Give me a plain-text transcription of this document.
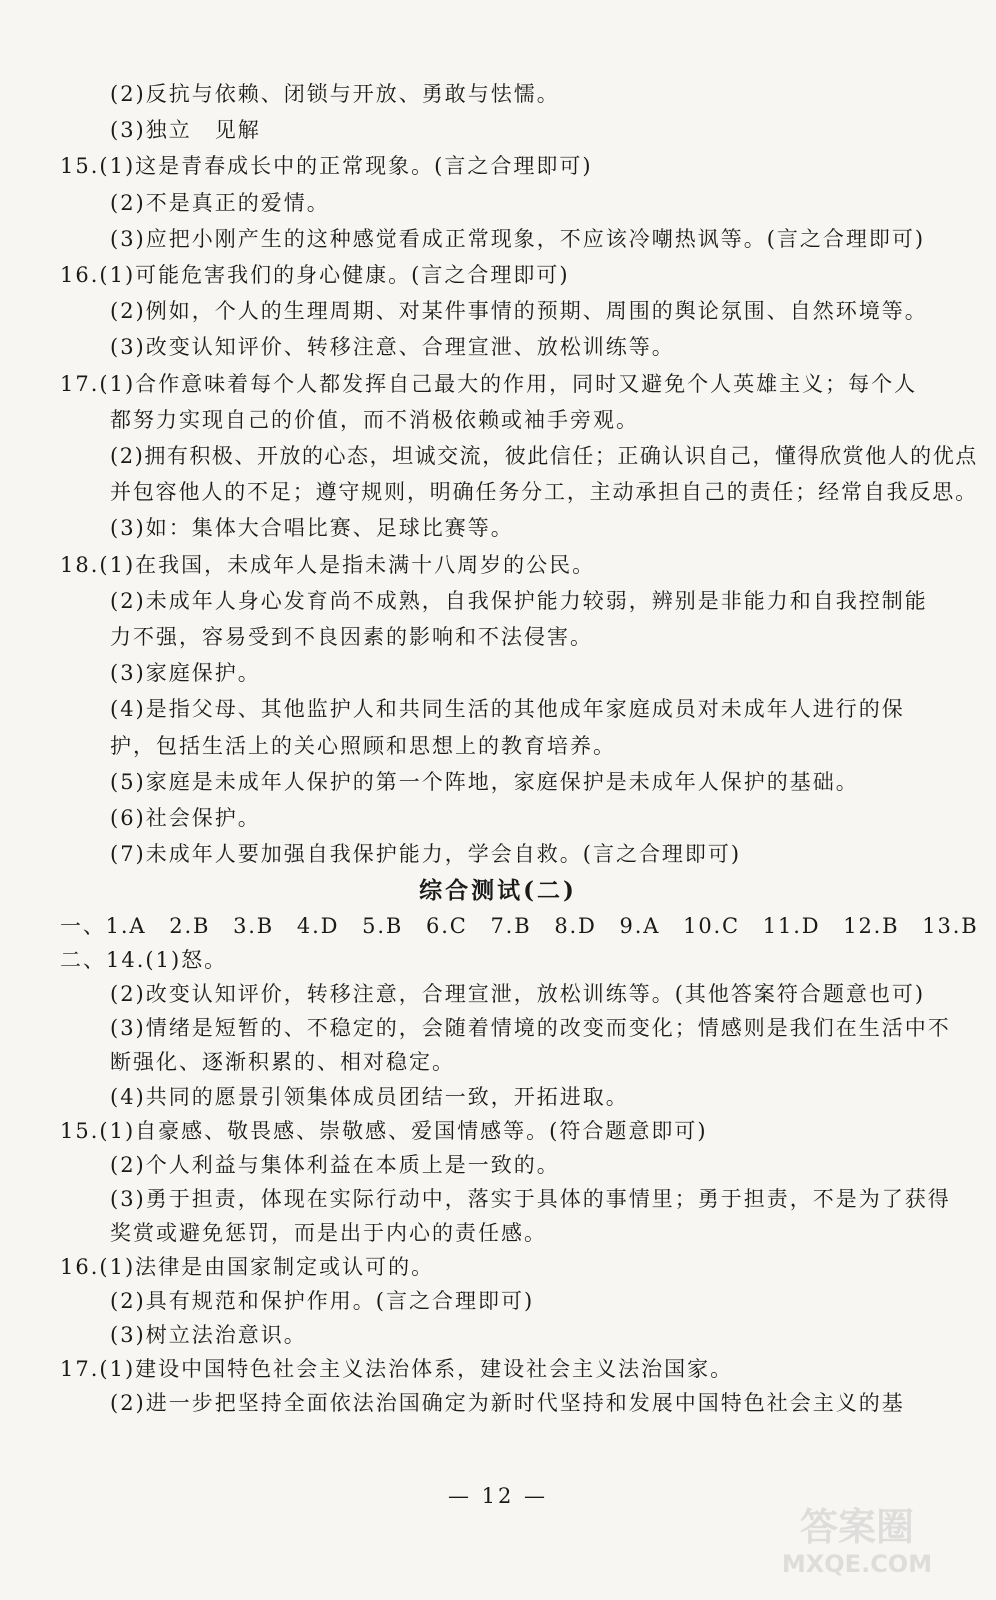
(2)反抗与依赖、闭锁与开放、勇敢与怯懦。
(3)独立　见解
15.(1)这是青春成长中的正常现象。(言之合理即可)
(2)不是真正的爱情。
(3)应把小刚产生的这种感觉看成正常现象，不应该冷嘲热讽等。(言之合理即可)
16.(1)可能危害我们的身心健康。(言之合理即可)
(2)例如，个人的生理周期、对某件事情的预期、周围的舆论氛围、自然环境等。
(3)改变认知评价、转移注意、合理宣泄、放松训练等。
17.(1)合作意味着每个人都发挥自己最大的作用，同时又避免个人英雄主义；每个人
都努力实现自己的价值，而不消极依赖或袖手旁观。
(2)拥有积极、开放的心态，坦诚交流，彼此信任；正确认识自己，懂得欣赏他人的优点
并包容他人的不足；遵守规则，明确任务分工，主动承担自己的责任；经常自我反思。
(3)如：集体大合唱比赛、足球比赛等。
18.(1)在我国，未成年人是指未满十八周岁的公民。
(2)未成年人身心发育尚不成熟，自我保护能力较弱，辨别是非能力和自我控制能
力不强，容易受到不良因素的影响和不法侵害。
(3)家庭保护。
(4)是指父母、其他监护人和共同生活的其他成年家庭成员对未成年人进行的保
护，包括生活上的关心照顾和思想上的教育培养。
(5)家庭是未成年人保护的第一个阵地，家庭保护是未成年人保护的基础。
(6)社会保护。
(7)未成年人要加强自我保护能力，学会自救。(言之合理即可)
综合测试(二)
一、1.A　2.B　3.B　4.D　5.B　6.C　7.B　8.D　9.A　10.C　11.D　12.B　13.B
二、14.(1)怒。
(2)改变认知评价，转移注意，合理宣泄，放松训练等。(其他答案符合题意也可)
(3)情绪是短暂的、不稳定的，会随着情境的改变而变化；情感则是我们在生活中不
断强化、逐渐积累的、相对稳定。
(4)共同的愿景引领集体成员团结一致，开拓进取。
15.(1)自豪感、敬畏感、崇敬感、爱国情感等。(符合题意即可)
(2)个人利益与集体利益在本质上是一致的。
(3)勇于担责，体现在实际行动中，落实于具体的事情里；勇于担责，不是为了获得
奖赏或避免惩罚，而是出于内心的责任感。
16.(1)法律是由国家制定或认可的。
(2)具有规范和保护作用。(言之合理即可)
(3)树立法治意识。
17.(1)建设中国特色社会主义法治体系，建设社会主义法治国家。
(2)进一步把坚持全面依法治国确定为新时代坚持和发展中国特色社会主义的基
— 12 —
答案圈
MXQE.COM
